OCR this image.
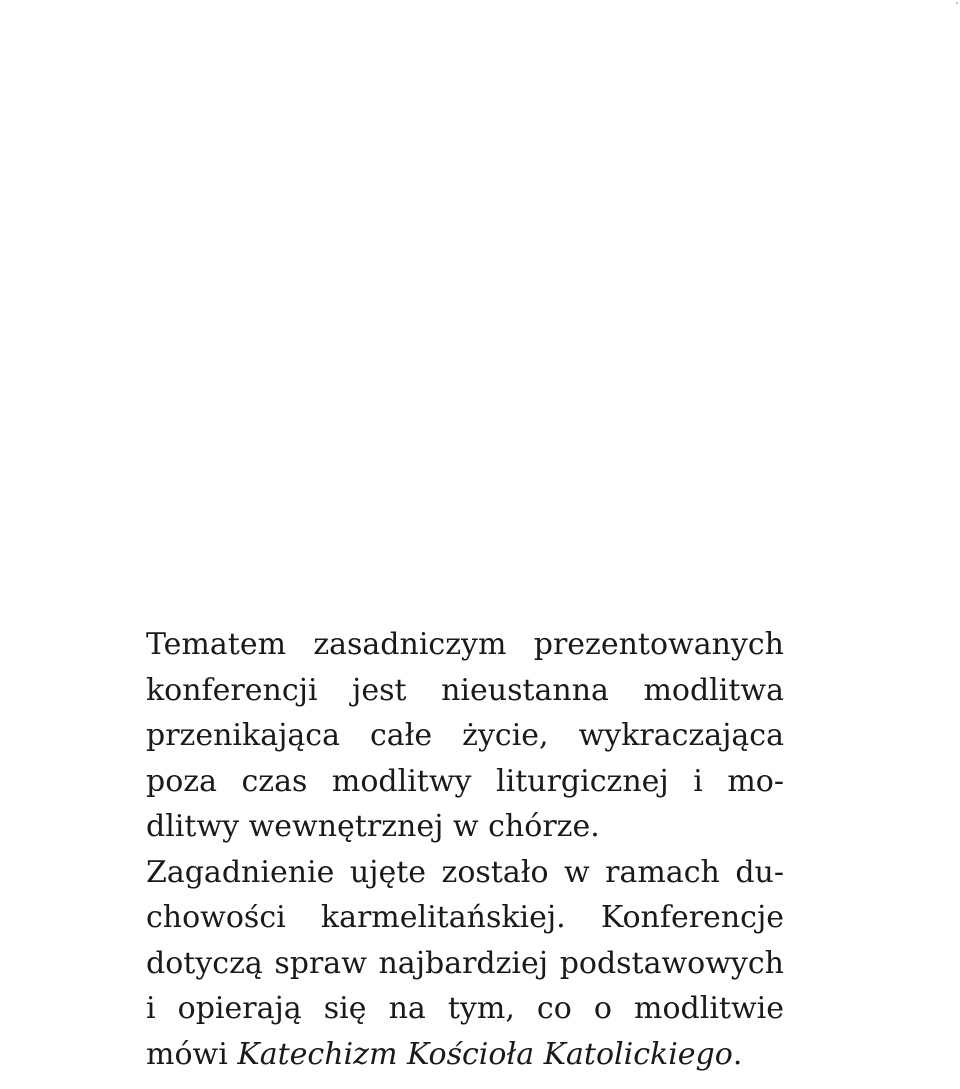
Tematem zasadniczym prezentowanych
konferencji jest nieustanna modlitwa
przenikająca całe życie, wykraczająca
poza czas modlitwy liturgicznej i mo-
dlitwy wewnętrznej w chórze.
Zagadnienie ujęte zostało w ramach du-
chowości karmelitańskiej. Konferencje
dotyczą spraw najbardziej podstawowych
i opierają się na tym, co o modlitwie
mówi Katechizm Kościoła Katolickiego.
